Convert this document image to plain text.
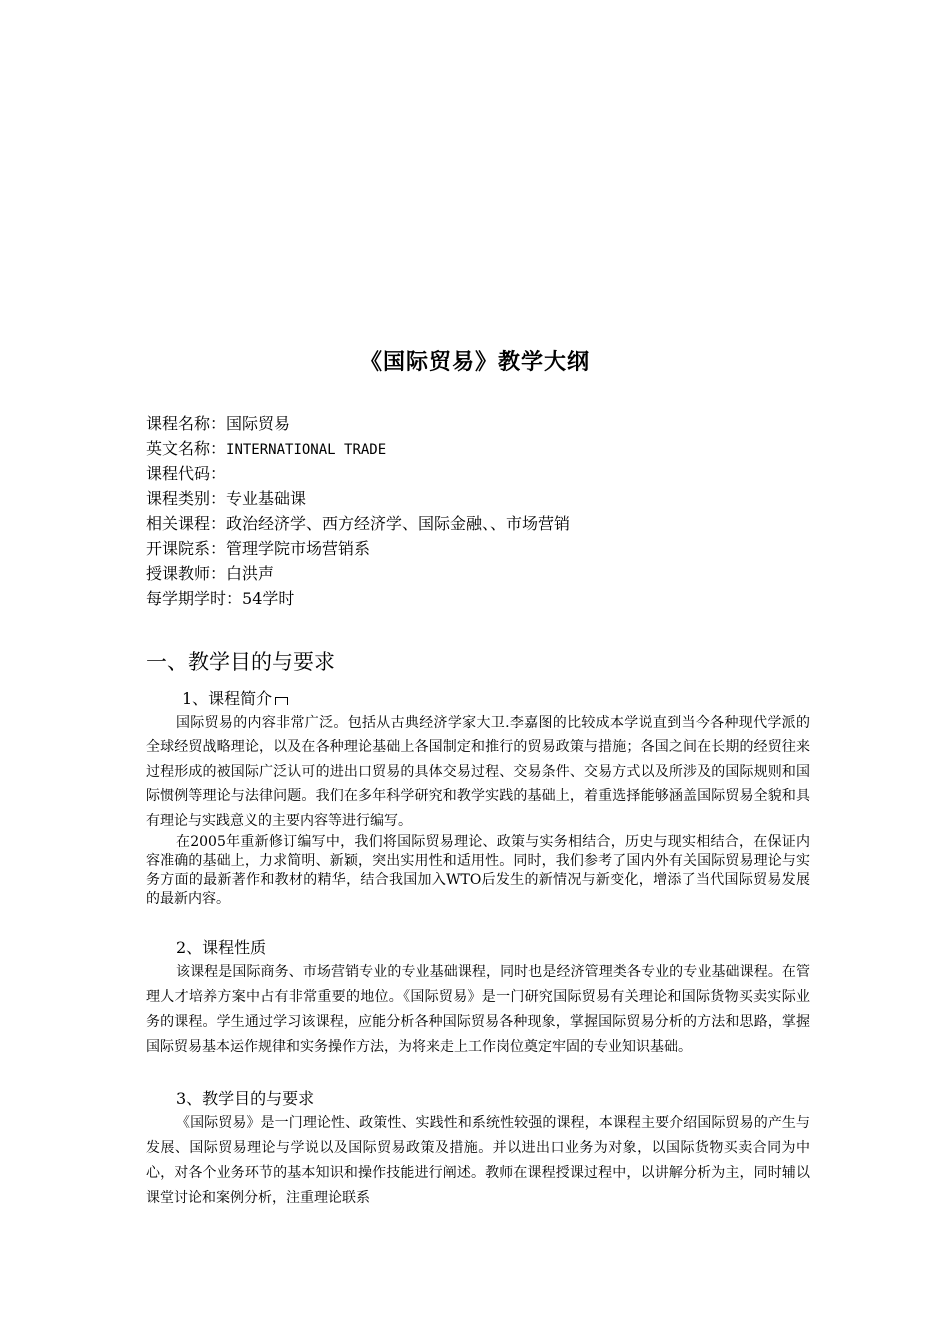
《国际贸易》教学大纲
课程名称：国际贸易
英文名称：INTERNATIONAL TRADE
课程代码：
课程类别：专业基础课
相关课程：政治经济学、西方经济学、国际金融、、市场营销
开课院系：管理学院市场营销系
授课教师：白洪声
每学期学时：54学时
一、教学目的与要求
1、课程简介

国际贸易的内容非常广泛。包括从古典经济学家大卫.李嘉图的比较成本学说直到当今各种现代学派的全球经贸战略理论，以及在各种理论基础上各国制定和推行的贸易政策与措施；各国之间在长期的经贸往来过程形成的被国际广泛认可的进出口贸易的具体交易过程、交易条件、交易方式以及所涉及的国际规则和国际惯例等理论与法律问题。我们在多年科学研究和教学实践的基础上，着重选择能够涵盖国际贸易全貌和具有理论与实践意义的主要内容等进行编写。

在2005年重新修订编写中，我们将国际贸易理论、政策与实务相结合，历史与现实相结合，在保证内容准确的基础上，力求简明、新颖，突出实用性和适用性。同时，我们参考了国内外有关国际贸易理论与实务方面的最新著作和教材的精华，结合我国加入WTO后发生的新情况与新变化，增添了当代国际贸易发展的最新内容。

2、课程性质

该课程是国际商务、市场营销专业的专业基础课程，同时也是经济管理类各专业的专业基础课程。在管理人才培养方案中占有非常重要的地位。《国际贸易》是一门研究国际贸易有关理论和国际货物买卖实际业务的课程。学生通过学习该课程，应能分析各种国际贸易各种现象，掌握国际贸易分析的方法和思路，掌握国际贸易基本运作规律和实务操作方法，为将来走上工作岗位奠定牢固的专业知识基础。

3、教学目的与要求

《国际贸易》是一门理论性、政策性、实践性和系统性较强的课程，本课程主要介绍国际贸易的产生与发展、国际贸易理论与学说以及国际贸易政策及措施。并以进出口业务为对象，以国际货物买卖合同为中心，对各个业务环节的基本知识和操作技能进行阐述。教师在课程授课过程中，以讲解分析为主，同时辅以课堂讨论和案例分析，注重理论联系
